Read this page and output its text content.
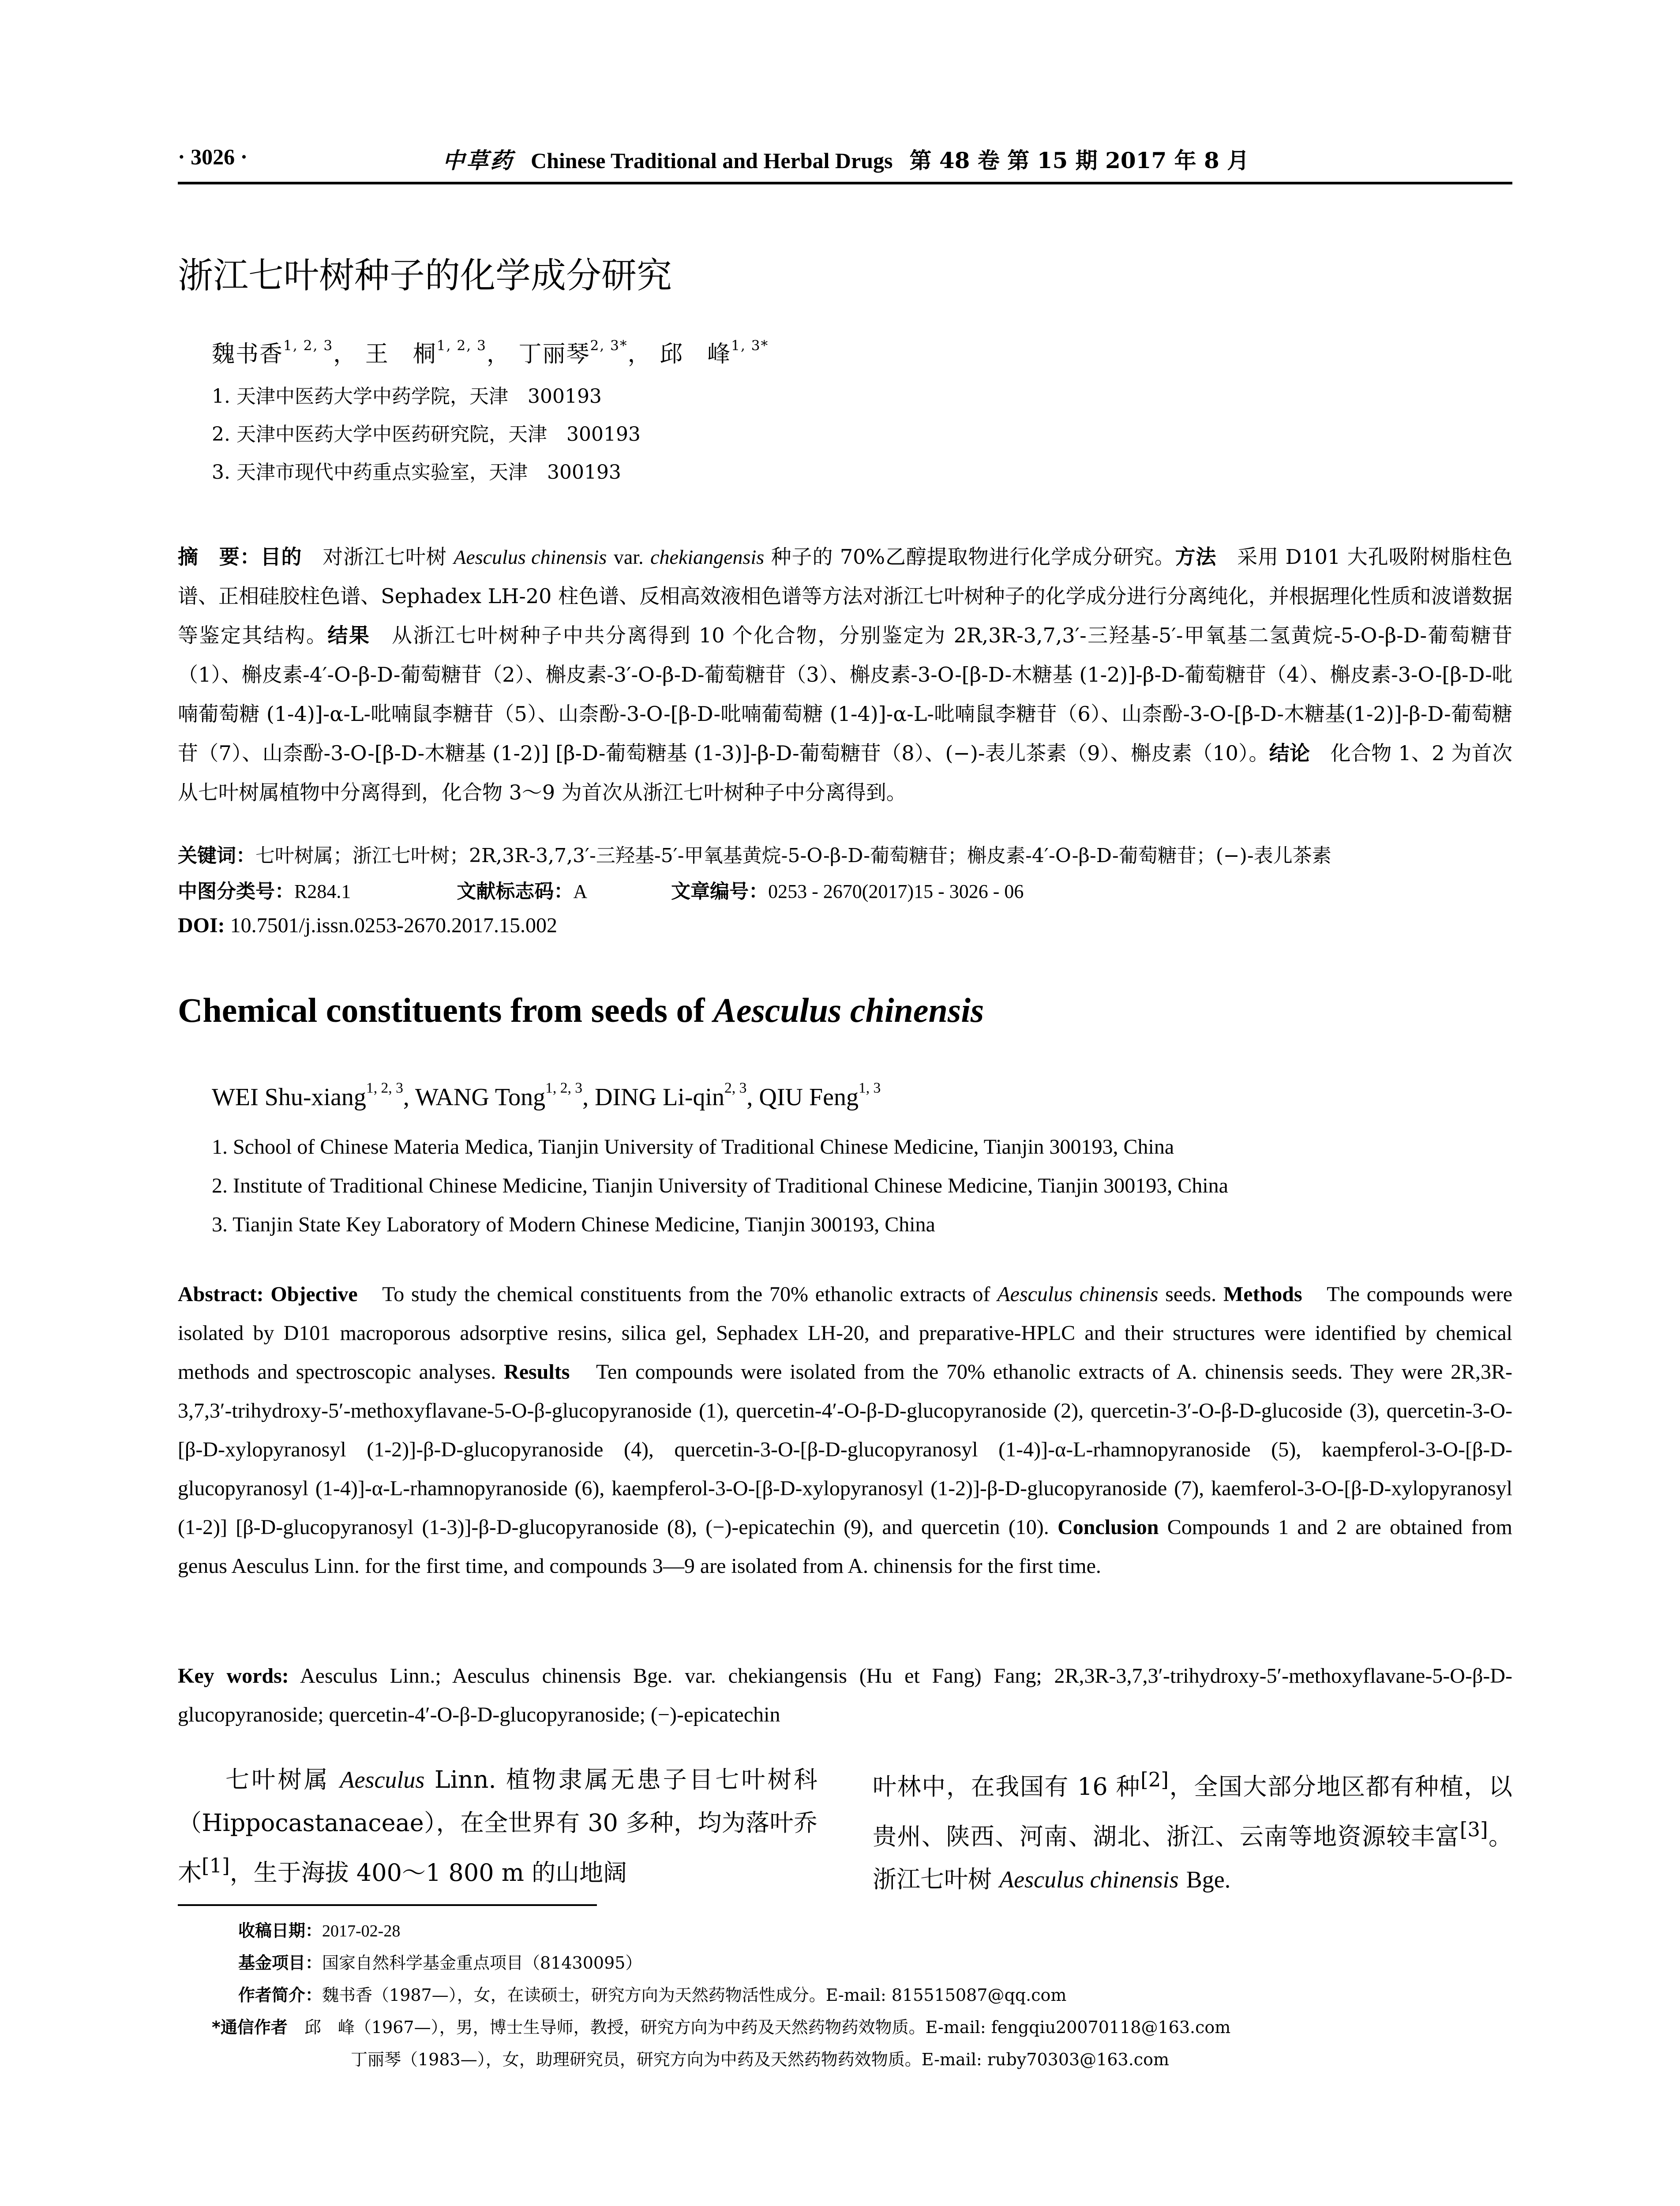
· 3026 ·	中草药 Chinese Traditional and Herbal Drugs 第 48 卷 第 15 期 2017 年 8 月
浙江七叶树种子的化学成分研究
魏书香$^{1, 2, 3}$， 王　桐$^{1, 2, 3}$， 丁丽琴$^{2, 3*}$， 邱　峰$^{1, 3*}$
1. 天津中医药大学中药学院，天津　300193
2. 天津中医药大学中医药研究院，天津　300193
3. 天津市现代中药重点实验室，天津　300193

摘　要：目的　 对浙江七叶树 Aesculus chinensis var. chekiangensis 种子的 70%乙醇提取物进行化学成分研究。方法　 采用 D101 大孔吸附树脂柱色谱、正相硅胶柱色谱、Sephadex LH-20 柱色谱、反相高效液相色谱等方法对浙江七叶树种子的化学成分进行分离纯化，并根据理化性质和波谱数据等鉴定其结构。结果　 从浙江七叶树种子中共分离得到 10 个化合物，分别鉴定为 2R,3R-3,7,3′-三羟基-5′-甲氧基二氢黄烷-5-O-β-D-葡萄糖苷（1）、槲皮素-4′-O-β-D-葡萄糖苷（2）、槲皮素-3′-O-β-D-葡萄糖苷（3）、槲皮素-3-O-[β-D-木糖基 (1-2)]-β-D-葡萄糖苷（4）、槲皮素-3-O-[β-D-吡喃葡萄糖 (1-4)]-α-L-吡喃鼠李糖苷（5）、山柰酚-3-O-[β-D-吡喃葡萄糖 (1-4)]-α-L-吡喃鼠李糖苷（6）、山柰酚-3-O-[β-D-木糖基(1-2)]-β-D-葡萄糖苷（7）、山柰酚-3-O-[β-D-木糖基 (1-2)] [β-D-葡萄糖基 (1-3)]-β-D-葡萄糖苷（8）、(−)-表儿茶素（9）、槲皮素（10）。结论　 化合物 1、2 为首次从七叶树属植物中分离得到，化合物 3～9 为首次从浙江七叶树种子中分离得到。

关键词：七叶树属；浙江七叶树；2R,3R-3,7,3′-三羟基-5′-甲氧基黄烷-5-O-β-D-葡萄糖苷；槲皮素-4′-O-β-D-葡萄糖苷；(−)-表儿茶素
中图分类号：R284.1	文献标志码：A	文章编号：0253 - 2670(2017)15 - 3026 - 06
DOI: 10.7501/j.issn.0253-2670.2017.15.002
Chemical constituents from seeds of Aesculus chinensis
WEI Shu-xiang$^{1, 2, 3}$, WANG Tong$^{1, 2, 3}$, DING Li-qin$^{2, 3}$, QIU Feng$^{1, 3}$
1. School of Chinese Materia Medica, Tianjin University of Traditional Chinese Medicine, Tianjin 300193, China
2. Institute of Traditional Chinese Medicine, Tianjin University of Traditional Chinese Medicine, Tianjin 300193, China
3. Tianjin State Key Laboratory of Modern Chinese Medicine, Tianjin 300193, China

Abstract: Objective　 To study the chemical constituents from the 70% ethanolic extracts of Aesculus chinensis seeds. Methods　 The compounds were isolated by D101 macroporous adsorptive resins, silica gel, Sephadex LH-20, and preparative-HPLC and their structures were identified by chemical methods and spectroscopic analyses. Results　 Ten compounds were isolated from the 70% ethanolic extracts of A. chinensis seeds. They were 2R,3R-3,7,3′-trihydroxy-5′-methoxyflavane-5-O-β-glucopyranoside (1), quercetin-4′-O-β-D-glucopyranoside (2), quercetin-3′-O-β-D-glucoside (3), quercetin-3-O-[β-D-xylopyranosyl (1-2)]-β-D-glucopyranoside (4), quercetin-3-O-[β-D-glucopyranosyl (1-4)]-α-L-rhamnopyranoside (5), kaempferol-3-O-[β-D-glucopyranosyl (1-4)]-α-L-rhamnopyranoside (6), kaempferol-3-O-[β-D-xylopyranosyl (1-2)]-β-D-glucopyranoside (7), kaemferol-3-O-[β-D-xylopyranosyl (1-2)] [β-D-glucopyranosyl (1-3)]-β-D-glucopyranoside (8), (−)-epicatechin (9), and quercetin (10). Conclusion Compounds 1 and 2 are obtained from genus Aesculus Linn. for the first time, and compounds 3—9 are isolated from A. chinensis for the first time.

Key words: Aesculus Linn.; Aesculus chinensis Bge. var. chekiangensis (Hu et Fang) Fang; 2R,3R-3,7,3′-trihydroxy-5′-methoxyflavane-5-O-β-D-glucopyranoside; quercetin-4′-O-β-D-glucopyranoside; (−)-epicatechin

七叶树属 Aesculus Linn. 植物隶属无患子目七叶树科（Hippocastanaceae），在全世界有 30 多种，均为落叶乔木[1]，生于海拔 400～1 800 m 的山地阔

叶林中，在我国有 16 种[2]，全国大部分地区都有种植，以贵州、陕西、河南、湖北、浙江、云南等地资源较丰富[3]。浙江七叶树 Aesculus chinensis Bge.

收稿日期：2017-02-28
基金项目：国家自然科学基金重点项目（81430095）
作者简介：魏书香（1987—），女，在读硕士，研究方向为天然药物活性成分。E-mail: 815515087@qq.com
*通信作者　 邱　峰（1967—），男，博士生导师，教授，研究方向为中药及天然药物药效物质。E-mail: fengqiu20070118@163.com
丁丽琴（1983—），女，助理研究员，研究方向为中药及天然药物药效物质。E-mail: ruby70303@163.com
